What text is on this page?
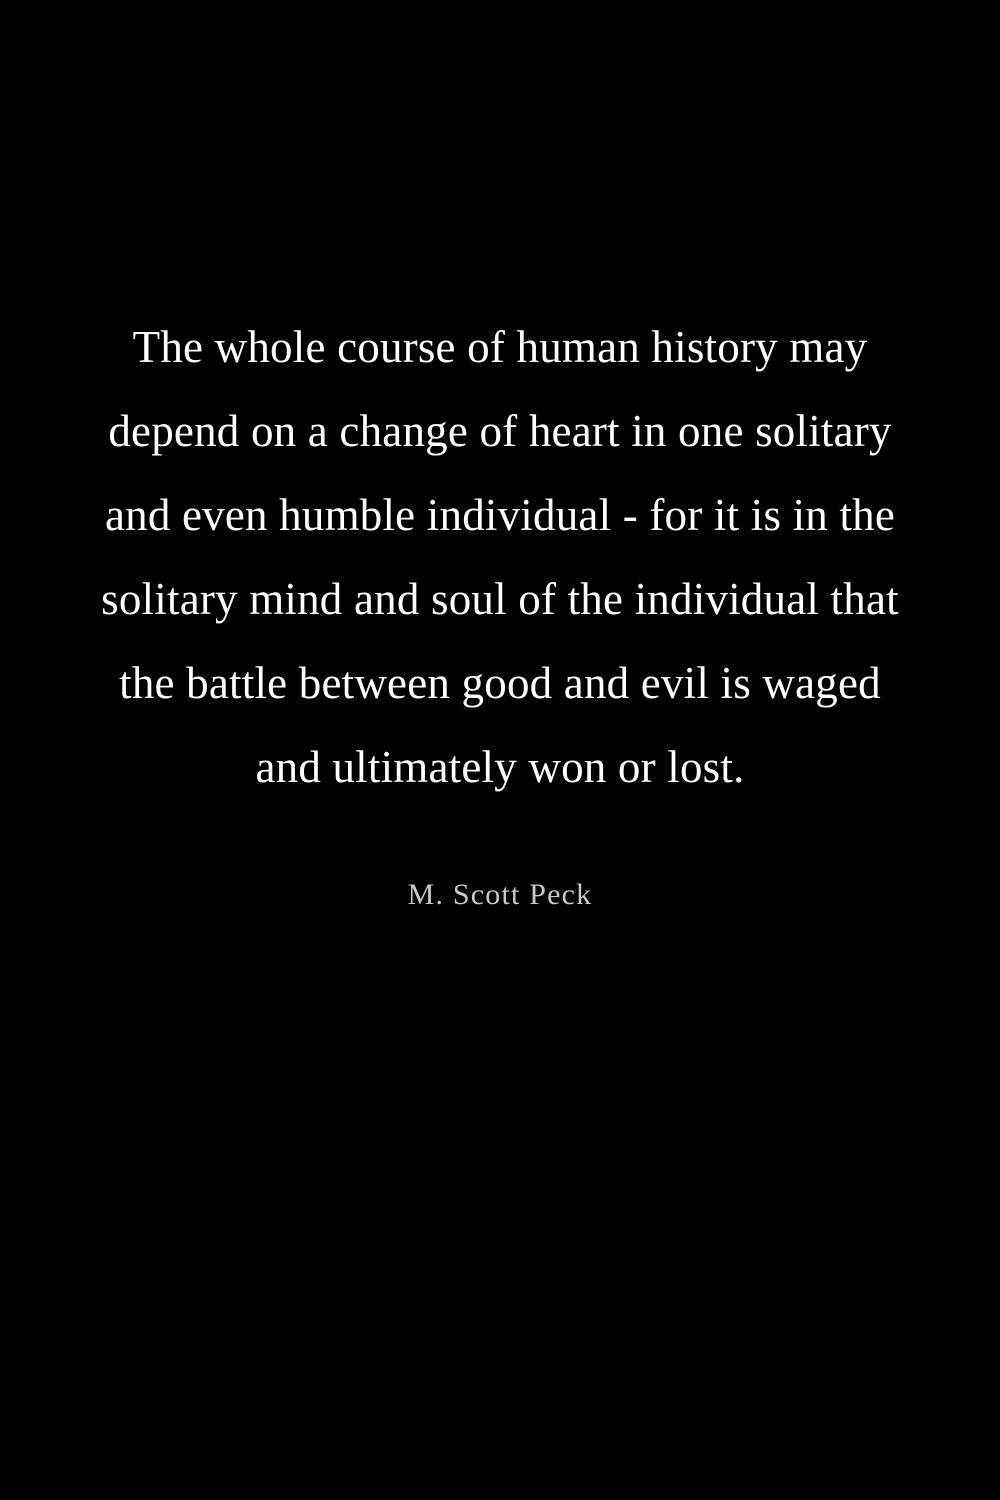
The whole course of human history may depend on a change of heart in one solitary and even humble individual - for it is in the solitary mind and soul of the individual that the battle between good and evil is waged and ultimately won or lost.
M. Scott Peck
